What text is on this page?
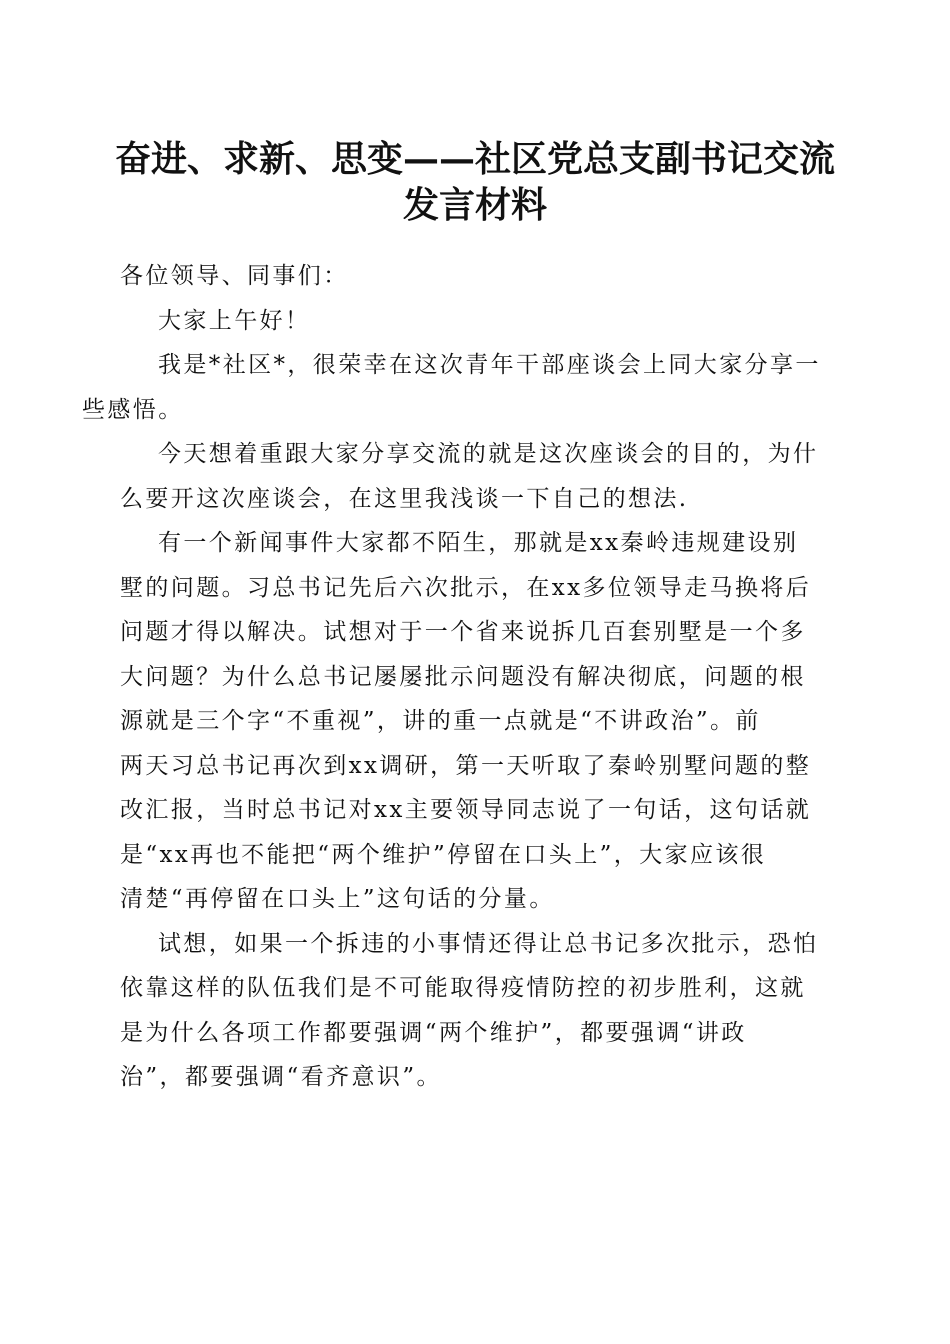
奋进、求新、思变——社区党总支副书记交流
发言材料

各位领导、同事们：

大家上午好！

我是*社区*，很荣幸在这次青年干部座谈会上同大家分享一
些感悟。

今天想着重跟大家分享交流的就是这次座谈会的目的，为什
么要开这次座谈会，在这里我浅谈一下自己的想法.

有一个新闻事件大家都不陌生，那就是xx秦岭违规建设别
墅的问题。习总书记先后六次批示，在xx多位领导走马换将后
问题才得以解决。试想对于一个省来说拆几百套别墅是一个多
大问题？为什么总书记屡屡批示问题没有解决彻底，问题的根
源就是三个字“不重视”，讲的重一点就是“不讲政治”。前
两天习总书记再次到xx调研，第一天听取了秦岭别墅问题的整
改汇报，当时总书记对xx主要领导同志说了一句话，这句话就
是“xx再也不能把“两个维护”停留在口头上”，大家应该很
清楚“再停留在口头上”这句话的分量。

试想，如果一个拆违的小事情还得让总书记多次批示，恐怕
依靠这样的队伍我们是不可能取得疫情防控的初步胜利，这就
是为什么各项工作都要强调“两个维护”，都要强调“讲政
治”，都要强调“看齐意识”。
